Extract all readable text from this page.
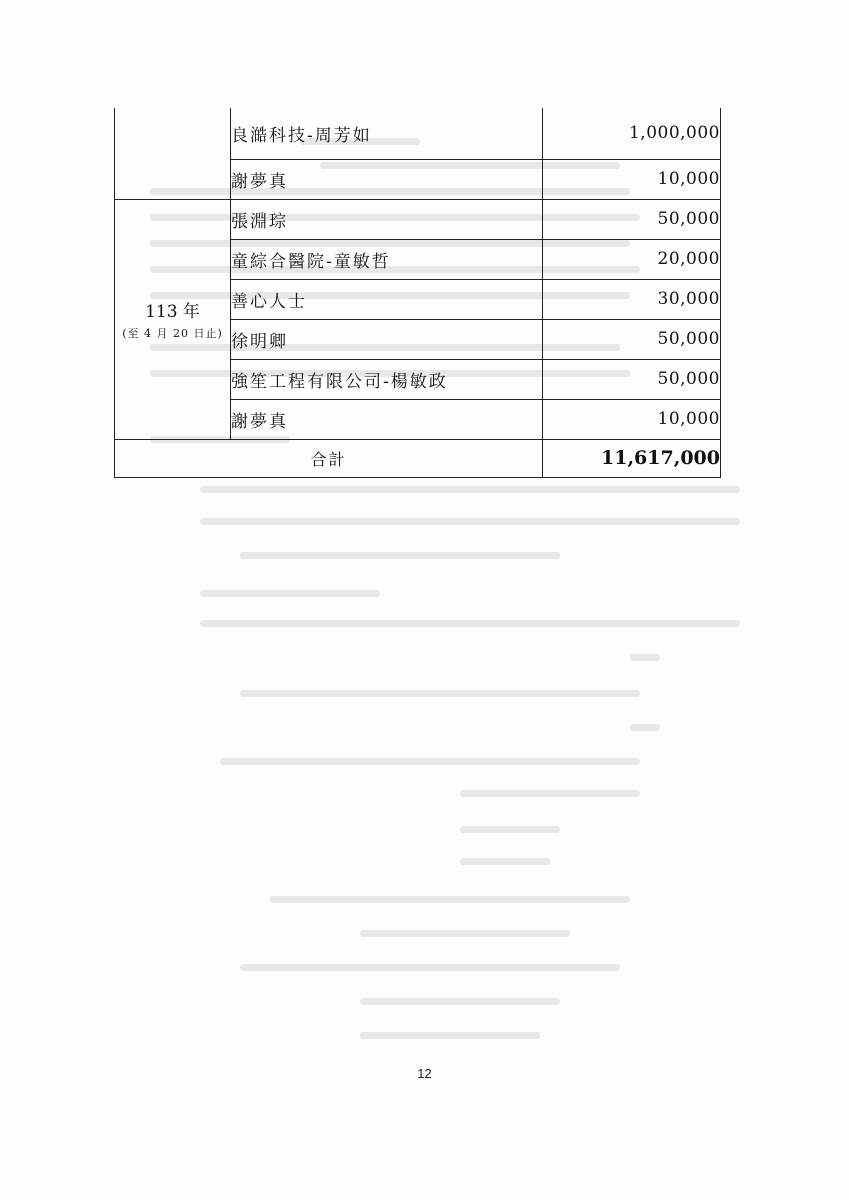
	良澔科技-周芳如	1,000,000
	謝夢真	10,000

113 年
(至 4 月 20 日止)	張淵琮	50,000
	童綜合醫院-童敏哲	20,000
	善心人士	30,000
	徐明卿	50,000
	強笙工程有限公司-楊敏政	50,000
	謝夢真	10,000
合計		11,617,000
12
